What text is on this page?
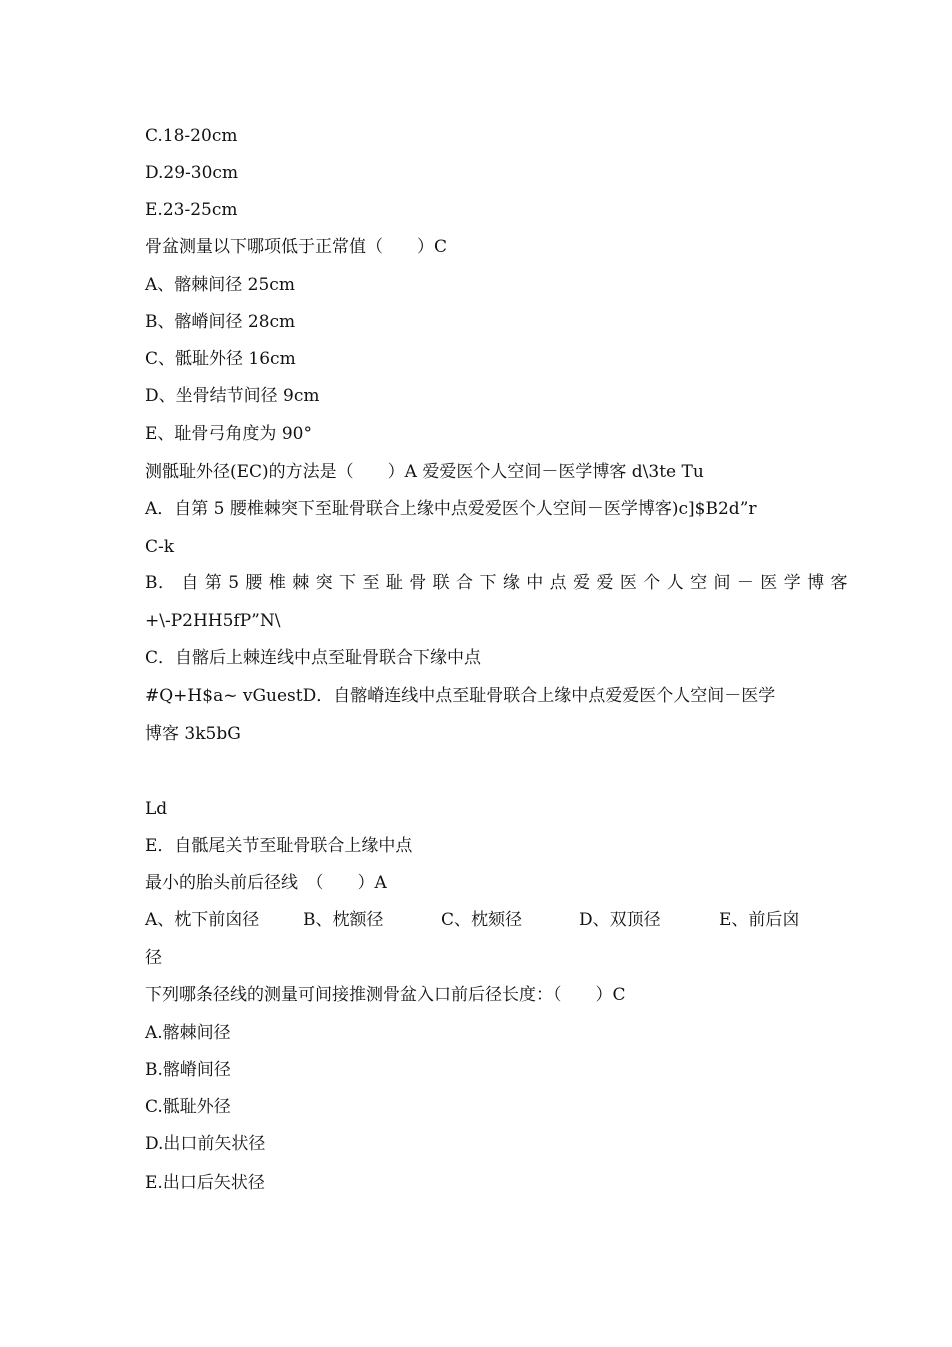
C.18-20cm
D.29-30cm
E.23-25cm
骨盆测量以下哪项低于正常值（　　）C
A、髂棘间径 25cm
B、髂嵴间径 28cm
C、骶耻外径 16cm
D、坐骨结节间径 9cm
E、耻骨弓角度为 90°
测骶耻外径(EC)的方法是（　　）A 爱爱医个人空间－医学博客 d\3te Tu
A．自第 5 腰椎棘突下至耻骨联合上缘中点爱爱医个人空间－医学博客)c]$B2d”r
C-k
B． 自 第 5 腰 椎 棘 突 下 至 耻 骨 联 合 下 缘 中 点 爱 爱 医 个 人 空 间 － 医 学 博 客
+\-P2HH5fP”N\
C．自髂后上棘连线中点至耻骨联合下缘中点
#Q+H$a~ vGuestD．自髂嵴连线中点至耻骨联合上缘中点爱爱医个人空间－医学
博客 3k5bG
Ld
E．自骶尾关节至耻骨联合上缘中点
最小的胎头前后径线　（　　）A
A、枕下前囟径	B、枕额径	C、枕颏径	D、双顶径	E、前后囟
径
下列哪条径线的测量可间接推测骨盆入口前后径长度：（　　）C
A.髂棘间径
B.髂嵴间径
C.骶耻外径
D.出口前矢状径
E.出口后矢状径
